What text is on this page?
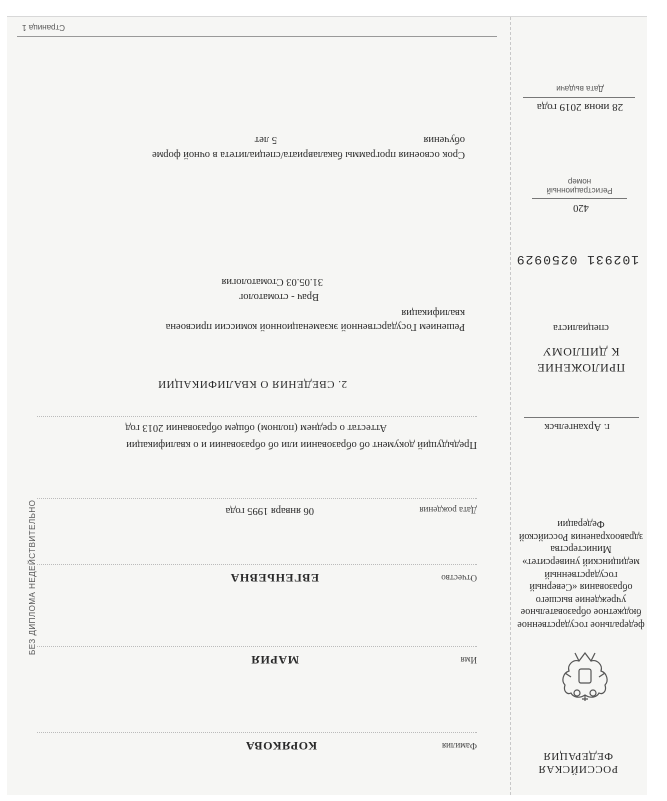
РОССИЙСКАЯ ФЕДЕРАЦИЯ
федеральное государственное бюджетное образовательное учреждение высшего образования «Северный государственный медицинский университет» Министерства здравоохранения Российской Федерации
г. Архангельск
ПРИЛОЖЕНИЕ
К ДИПЛОМУ
специалиста
102931 0250929
420
Регистрационный номер
28 июня 2019 года
Дата выдачи
Фамилия
КОРЯКОВА
Имя
МАРИЯ
Отчество
ЕВГЕНЬЕВНА
Дата рождения
06 января 1995 года
Предыдущий документ об образовании или об образовании и о квалификации
Аттестат о среднем (полном) общем образовании 2013 год
2. СВЕДЕНИЯ О КВАЛИФИКАЦИИ
Решением Государственной экзаменационной комиссии присвоена
квалификация
Врач - стоматолог
31.05.03 Стоматология
Срок освоения программы бакалавриата/специалитета в очной форме
обучения
5 лет
БЕЗ ДИПЛОМА НЕДЕЙСТВИТЕЛЬНО
Страница 1
